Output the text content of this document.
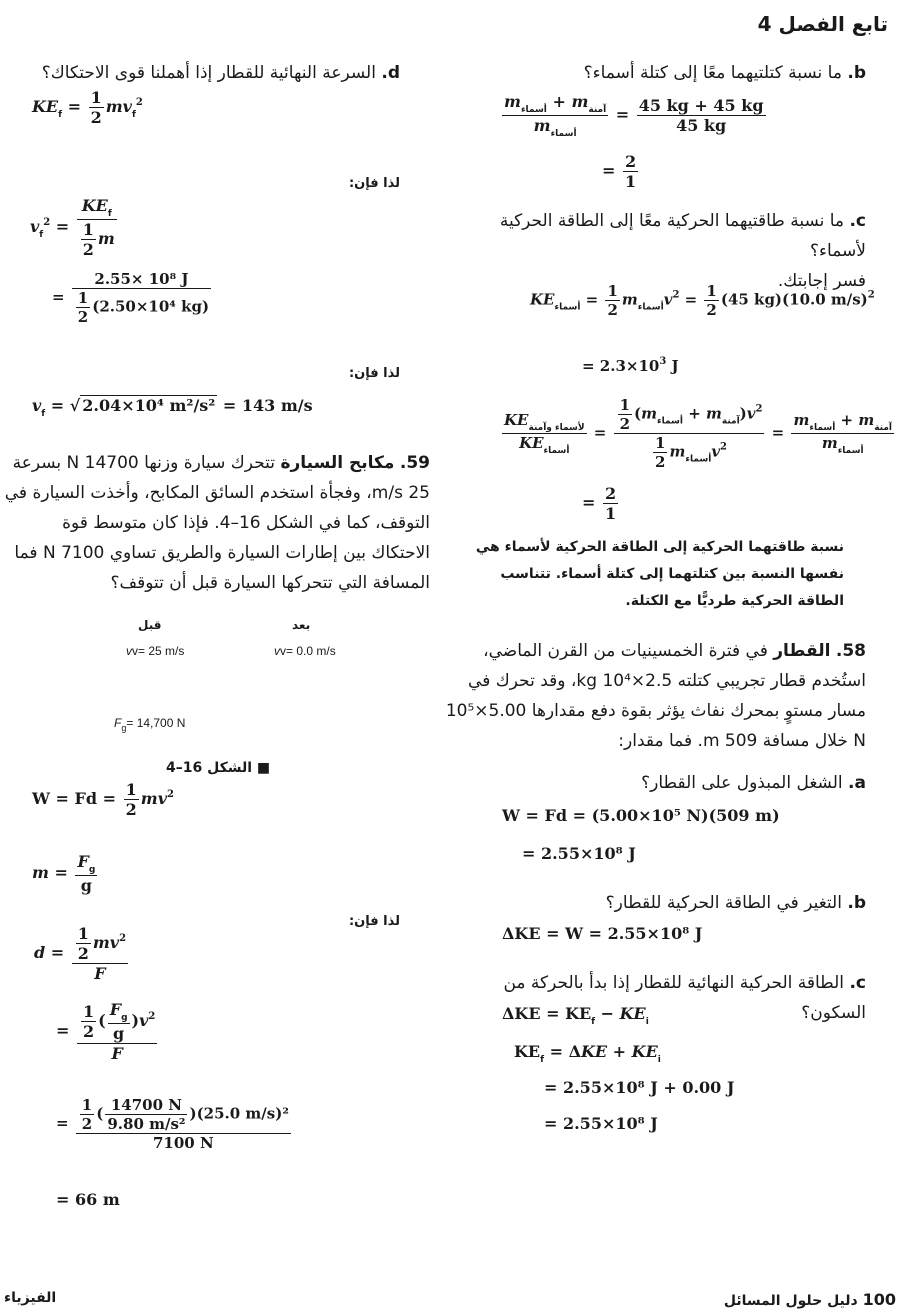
تابع الفصل 4
b. ما نسبة كتلتيهما معًا إلى كتلة أسماء؟
$\frac{m_{أسماء} + m_{آمنة}}{m_{أسماء}} = \frac{45 kg + 45 kg}{45 kg}$
= $\frac{2}{1}$
c. ما نسبة طاقتيهما الحركية معًا إلى الطاقة الحركية لأسماء؟
فسر إجابتك.
$KE_{أسماء} = \frac{1}{2} m_{أسماء}v^2 = \frac{1}{2} (45$ kg)(10.0 m/s)$^2$
= $2.3\times 10^3$ J
$\frac{KE_{لأسماء وآمنة}}{KE_{أسماء}} = \frac{\frac{1}{2} (m_{أسماء} + m_{آمنة})v^2}{\frac{1}{2} m_{أسماء}v^2} = \frac{m_{أسماء} + m_{آمنة}}{m_{أسماء}}$
= $\frac{2}{1}$
نسبة طاقتهما الحركية إلى الطاقة الحركية لأسماء هي نفسها النسبة بين كتلتهما إلى كتلة أسماء. تتناسب الطاقة الحركية طرديًّا مع الكتلة.
58. القطار في فترة الخمسينيات من القرن الماضي، استُخدم قطار تجريبي كتلته 2.5×10⁴ kg، وقد تحرك في مسار مستوٍ بمحرك نفاث يؤثر بقوة دفع مقدارها 5.00×10⁵ N خلال مسافة 509 m. فما مقدار:
a. الشغل المبذول على القطار؟
W = Fd = (5.00×10⁵ N)(509 m)
= 2.55×10⁸ J
b. التغير في الطاقة الحركية للقطار؟
ΔKE = W = 2.55×10⁸ J
c. الطاقة الحركية النهائية للقطار إذا بدأ بالحركة من السكون؟
$\Delta KE = KE_f - KE_i$
$KE_f = \Delta KE + KE_i$
= 2.55×10⁸ J + 0.00 J
= 2.55×10⁸ J
d. السرعة النهائية للقطار إذا أهملنا قوى الاحتكاك؟
$KE_f = \frac{1}{2} mv_f^2$
لذا فإن:
$v_f^2 = \frac{KE_f}{\frac{1}{2} m}$
= $\frac{\text{2.55× 10⁸ J}}{\frac{1}{2} (2.50\times 10^4 kg)}$
لذا فإن:
$v_f$ = √ 2.04×10⁴ m²/s² = 143 m/s
59. مكابح السيارة تتحرك سيارة وزنها 14700 N بسرعة 25 m/s، وفجأة استخدم السائق المكابح، وأخذت السيارة في التوقف، كما في الشكل 16–4. فإذا كان متوسط قوة الاحتكاك بين إطارات السيارة والطريق تساوي 7100 N فما المسافة التي تتحركها السيارة قبل أن تتوقف؟
قبل	بعد
vv= 25 m/s	vv= 0.0 m/s
$F_g= 14,700$ N
■ الشكل 16–4
$W = Fd = \frac{1}{2} mv^2$
$m = \frac{F_g}{g}$
لذا فإن:
$d = \frac{\frac{1}{2} mv^2}{F}$
= $\frac{\frac{1}{2} ( \frac{F_g}{g} )v^2}{F}$
= $\frac{\frac{1}{2} ( \frac{14700 N}{\text{9.80 m/s²}} )(25.0 m/s)^2}{7100 N}$
= 66 m
100 دليل حلول المسائل
الفيزياء
